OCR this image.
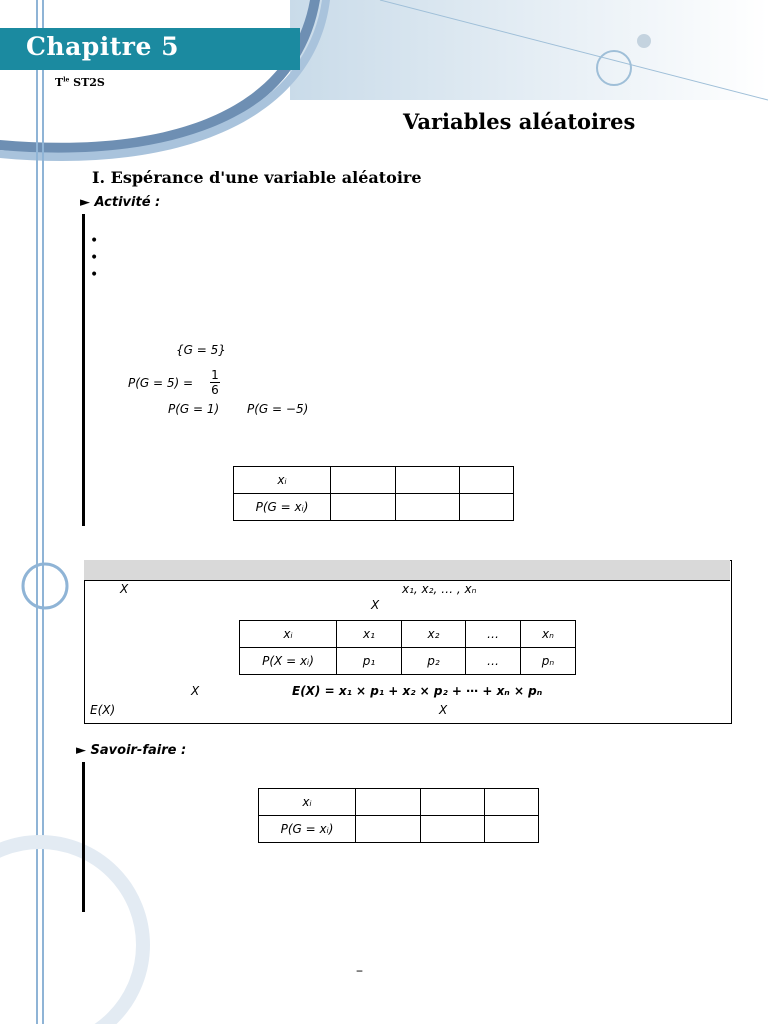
Chapitre 5
$T^{le}$ ST2S
Variables aléatoires
I. Espérance d'une variable aléatoire
► Activité :
•
•
•
{G = 5}
P(G = 5) =
1
6
P(G = 1) P(G = −5)
xᵢ			
P(G = xᵢ)			
X	x₁, x₂, … , xₙ
X
xᵢ	x₁	x₂	…	xₙ
P(X = xᵢ)	p₁	p₂	…	pₙ
X	E(X) = x₁ × p₁ + x₂ × p₂ + ⋯ + xₙ × pₙ
E(X)	X
► Savoir-faire :
xᵢ			
P(G = xᵢ)			
–
